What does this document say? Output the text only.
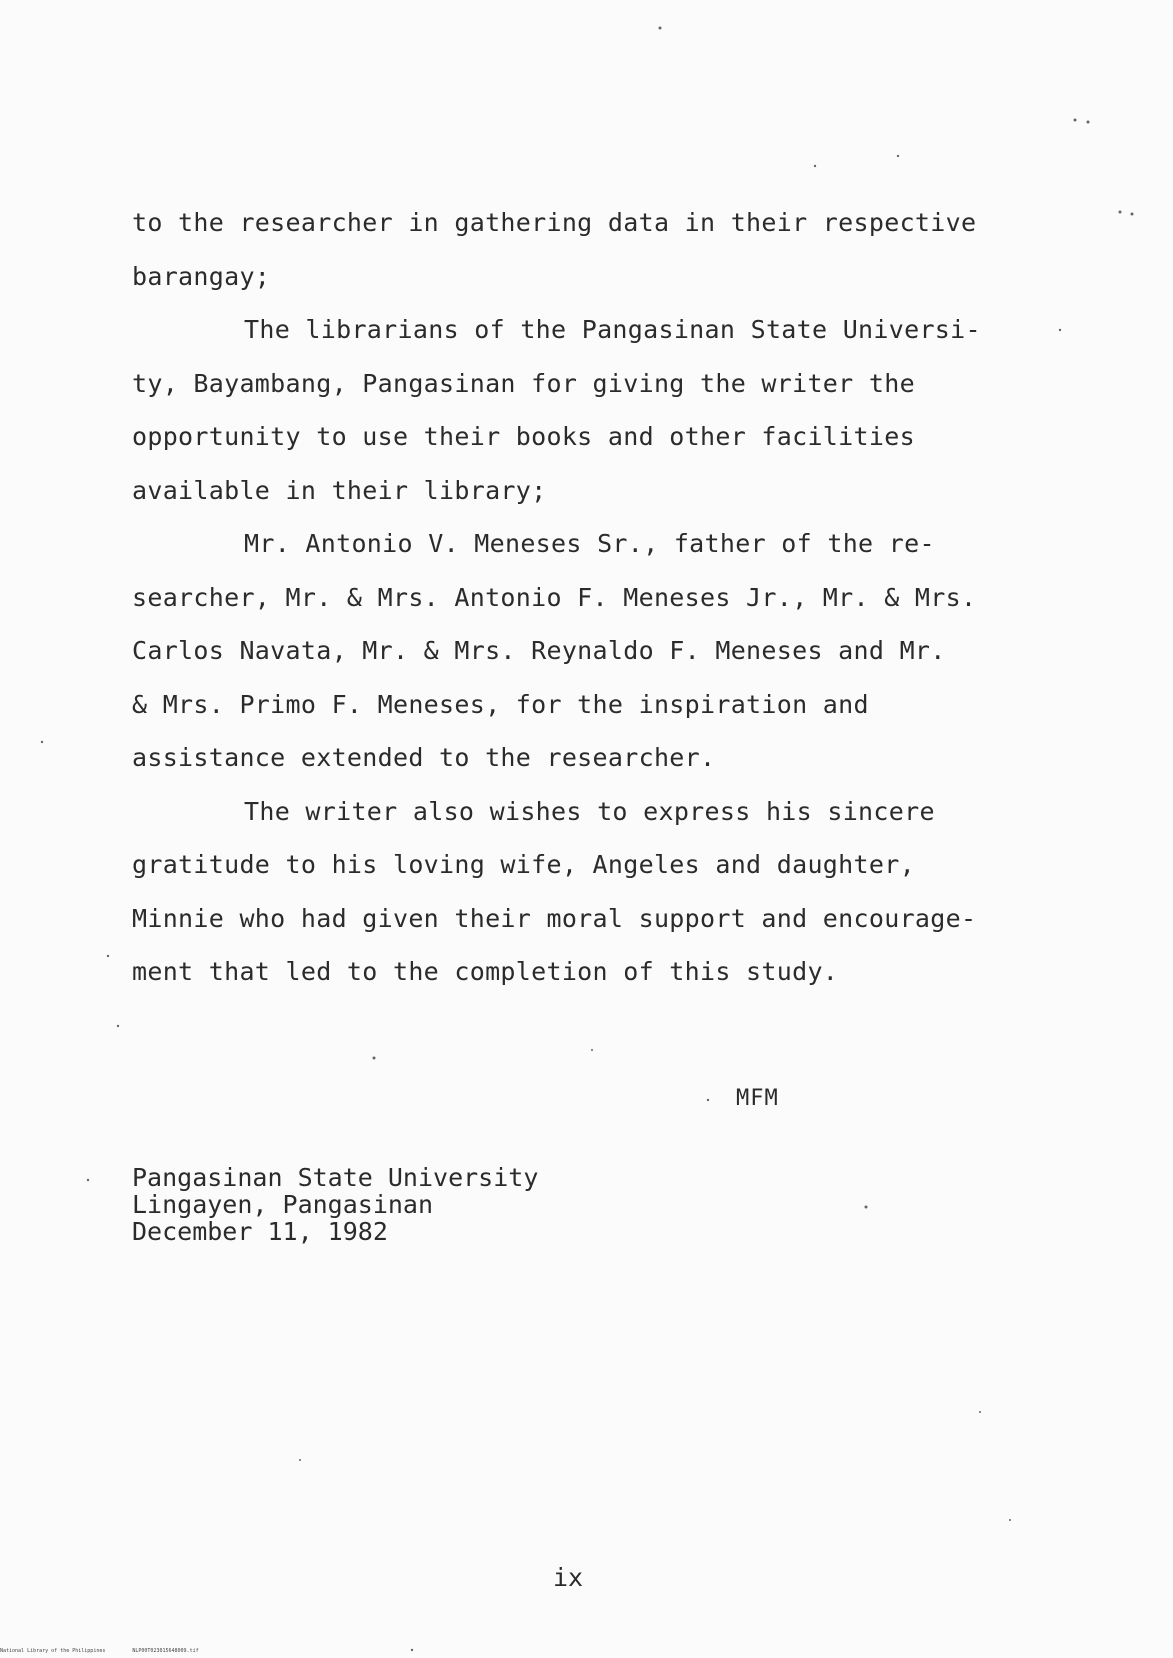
to the researcher in gathering data in their respective
barangay;
The librarians of the Pangasinan State Universi-
ty, Bayambang, Pangasinan for giving the writer the
opportunity to use their books and other facilities
available in their library;
Mr. Antonio V. Meneses Sr., father of the re-
searcher, Mr. & Mrs. Antonio F. Meneses Jr., Mr. & Mrs.
Carlos Navata, Mr. & Mrs. Reynaldo F. Meneses and Mr.
& Mrs. Primo F. Meneses, for the inspiration and
assistance extended to the researcher.
The writer also wishes to express his sincere
gratitude to his loving wife, Angeles and daughter,
Minnie who had given their moral support and encourage-
ment that led to the completion of this study.
MFM
Pangasinan State University
Lingayen, Pangasinan
December 11, 1982
ix
National Library of the Philippines	NLP00T023015648009.tif
